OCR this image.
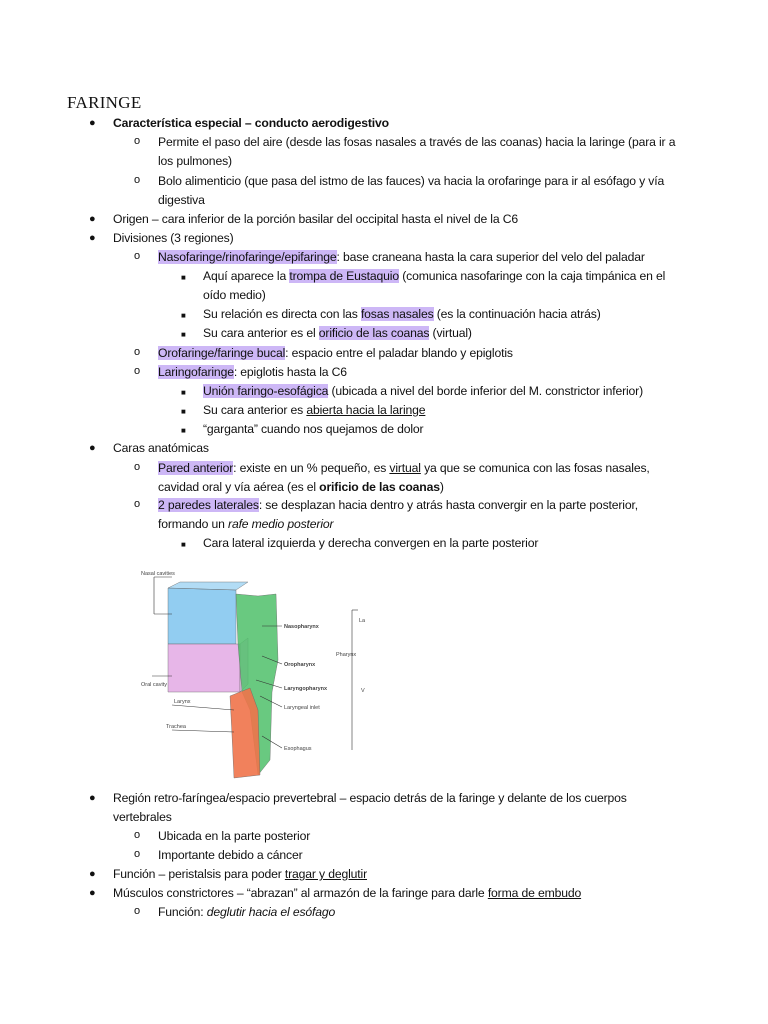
FARINGE
● Característica especial – conducto aerodigestivo
o Permite el paso del aire (desde las fosas nasales a través de las coanas) hacia la laringe (para ir a
los pulmones)
o Bolo alimenticio (que pasa del istmo de las fauces) va hacia la orofaringe para ir al esófago y vía
digestiva
● Origen – cara inferior de la porción basilar del occipital hasta el nivel de la C6
● Divisiones (3 regiones)
o Nasofaringe/rinofaringe/epifaringe: base craneana hasta la cara superior del velo del paladar
■ Aquí aparece la trompa de Eustaquio (comunica nasofaringe con la caja timpánica en el
oído medio)
■ Su relación es directa con las fosas nasales (es la continuación hacia atrás)
■ Su cara anterior es el orificio de las coanas (virtual)
o Orofaringe/faringe bucal: espacio entre el paladar blando y epiglotis
o Laringofaringe: epiglotis hasta la C6
■ Unión faringo-esofágica (ubicada a nivel del borde inferior del M. constrictor inferior)
■ Su cara anterior es abierta hacia la laringe
■ “garganta” cuando nos quejamos de dolor
● Caras anatómicas
o Pared anterior: existe en un % pequeño, es virtual ya que se comunica con las fosas nasales,
cavidad oral y vía aérea (es el orificio de las coanas)
o 2 paredes laterales: se desplazan hacia dentro y atrás hasta convergir en la parte posterior,
formando un rafe medio posterior
■ Cara lateral izquierda y derecha convergen en la parte posterior
Nasal cavities
Oral cavity
Larynx
Trachea
Nasopharynx
Oropharynx
Laryngopharynx
Laryngeal inlet
Esophagus
Pharynx
La
V
● Región retro-faríngea/espacio prevertebral – espacio detrás de la faringe y delante de los cuerpos
vertebrales
o Ubicada en la parte posterior
o Importante debido a cáncer
● Función – peristalsis para poder tragar y deglutir
● Músculos constrictores – “abrazan” al armazón de la faringe para darle forma de embudo
o Función: deglutir hacia el esófago
